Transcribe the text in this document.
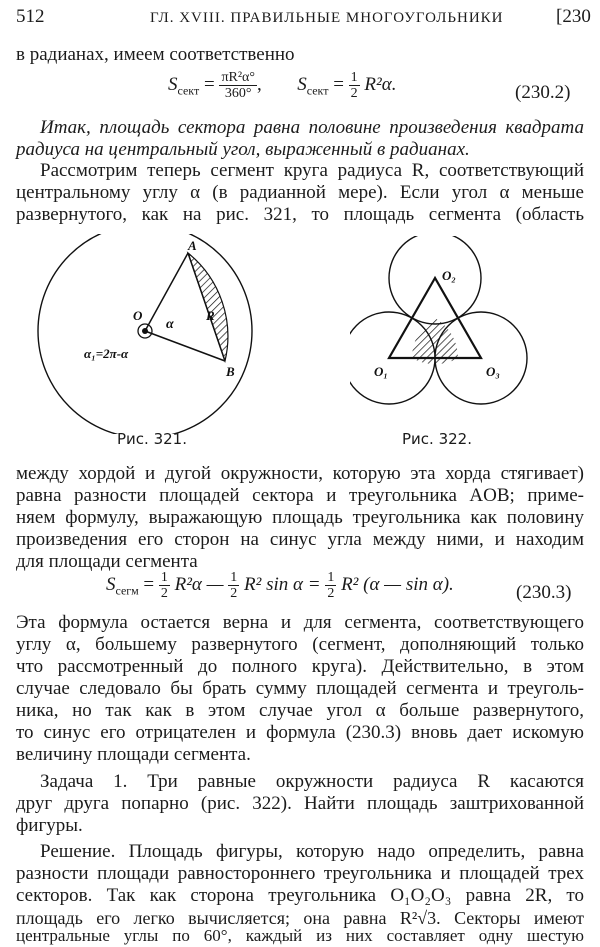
512	ГЛ. XVIII. ПРАВИЛЬНЫЕ МНОГОУГОЛЬНИКИ	[230
в радианах, имеем соответственно
$S_{сект} = \frac{\text{πR²α°}}{360^\circ}$ ,  $S_{сект} = \frac{1}{2} R^2\alpha$.	(230.2)
Итак, площадь сектора равна половине произведения квадрата
радиуса на центральный угол, выраженный в радианах.
Рассмотрим теперь сегмент круга радиуса R, соответствующий
центральному углу α (в радианной мере). Если угол α меньше
развернутого, как на рис. 321, то площадь сегмента (область
A
B
O
α
R
α₁=2π-α
Рис. 321.
O₂
O₁	O₃
Рис. 322.
между хордой и дугой окружности, которую эта хорда стягивает)
равна разности площадей сектора и треугольника AOB; приме-
няем формулу, выражающую площадь треугольника как половину
произведения его сторон на синус угла между ними, и находим
для площади сегмента
$S_{сегм} = \frac{1}{2} R^2\alpha$ — $\frac{1}{2} R^2$ $\sin \alpha = \frac{1}{2} R^2$ (α — sin α).	(230.3)
Эта формула остается верна и для сегмента, соответствующего
углу α, большему развернутого (сегмент, дополняющий только
что рассмотренный до полного круга). Действительно, в этом
случае следовало бы брать сумму площадей сегмента и треуголь-
ника, но так как в этом случае угол α больше развернутого,
то синус его отрицателен и формула (230.3) вновь дает искомую
величину площади сегмента.
Задача 1. Три равные окружности радиуса R касаются
друг друга попарно (рис. 322). Найти площадь заштрихованной
фигуры.
Решение. Площадь фигуры, которую надо определить, равна
разности площади равностороннего треугольника и площадей трех
секторов. Так как сторона треугольника O₁O₂O₃ равна 2R, то
площадь его легко вычисляется; она равна R²√3. Секторы имеют
центральные углы по 60°, каждый из них составляет одну шестую
